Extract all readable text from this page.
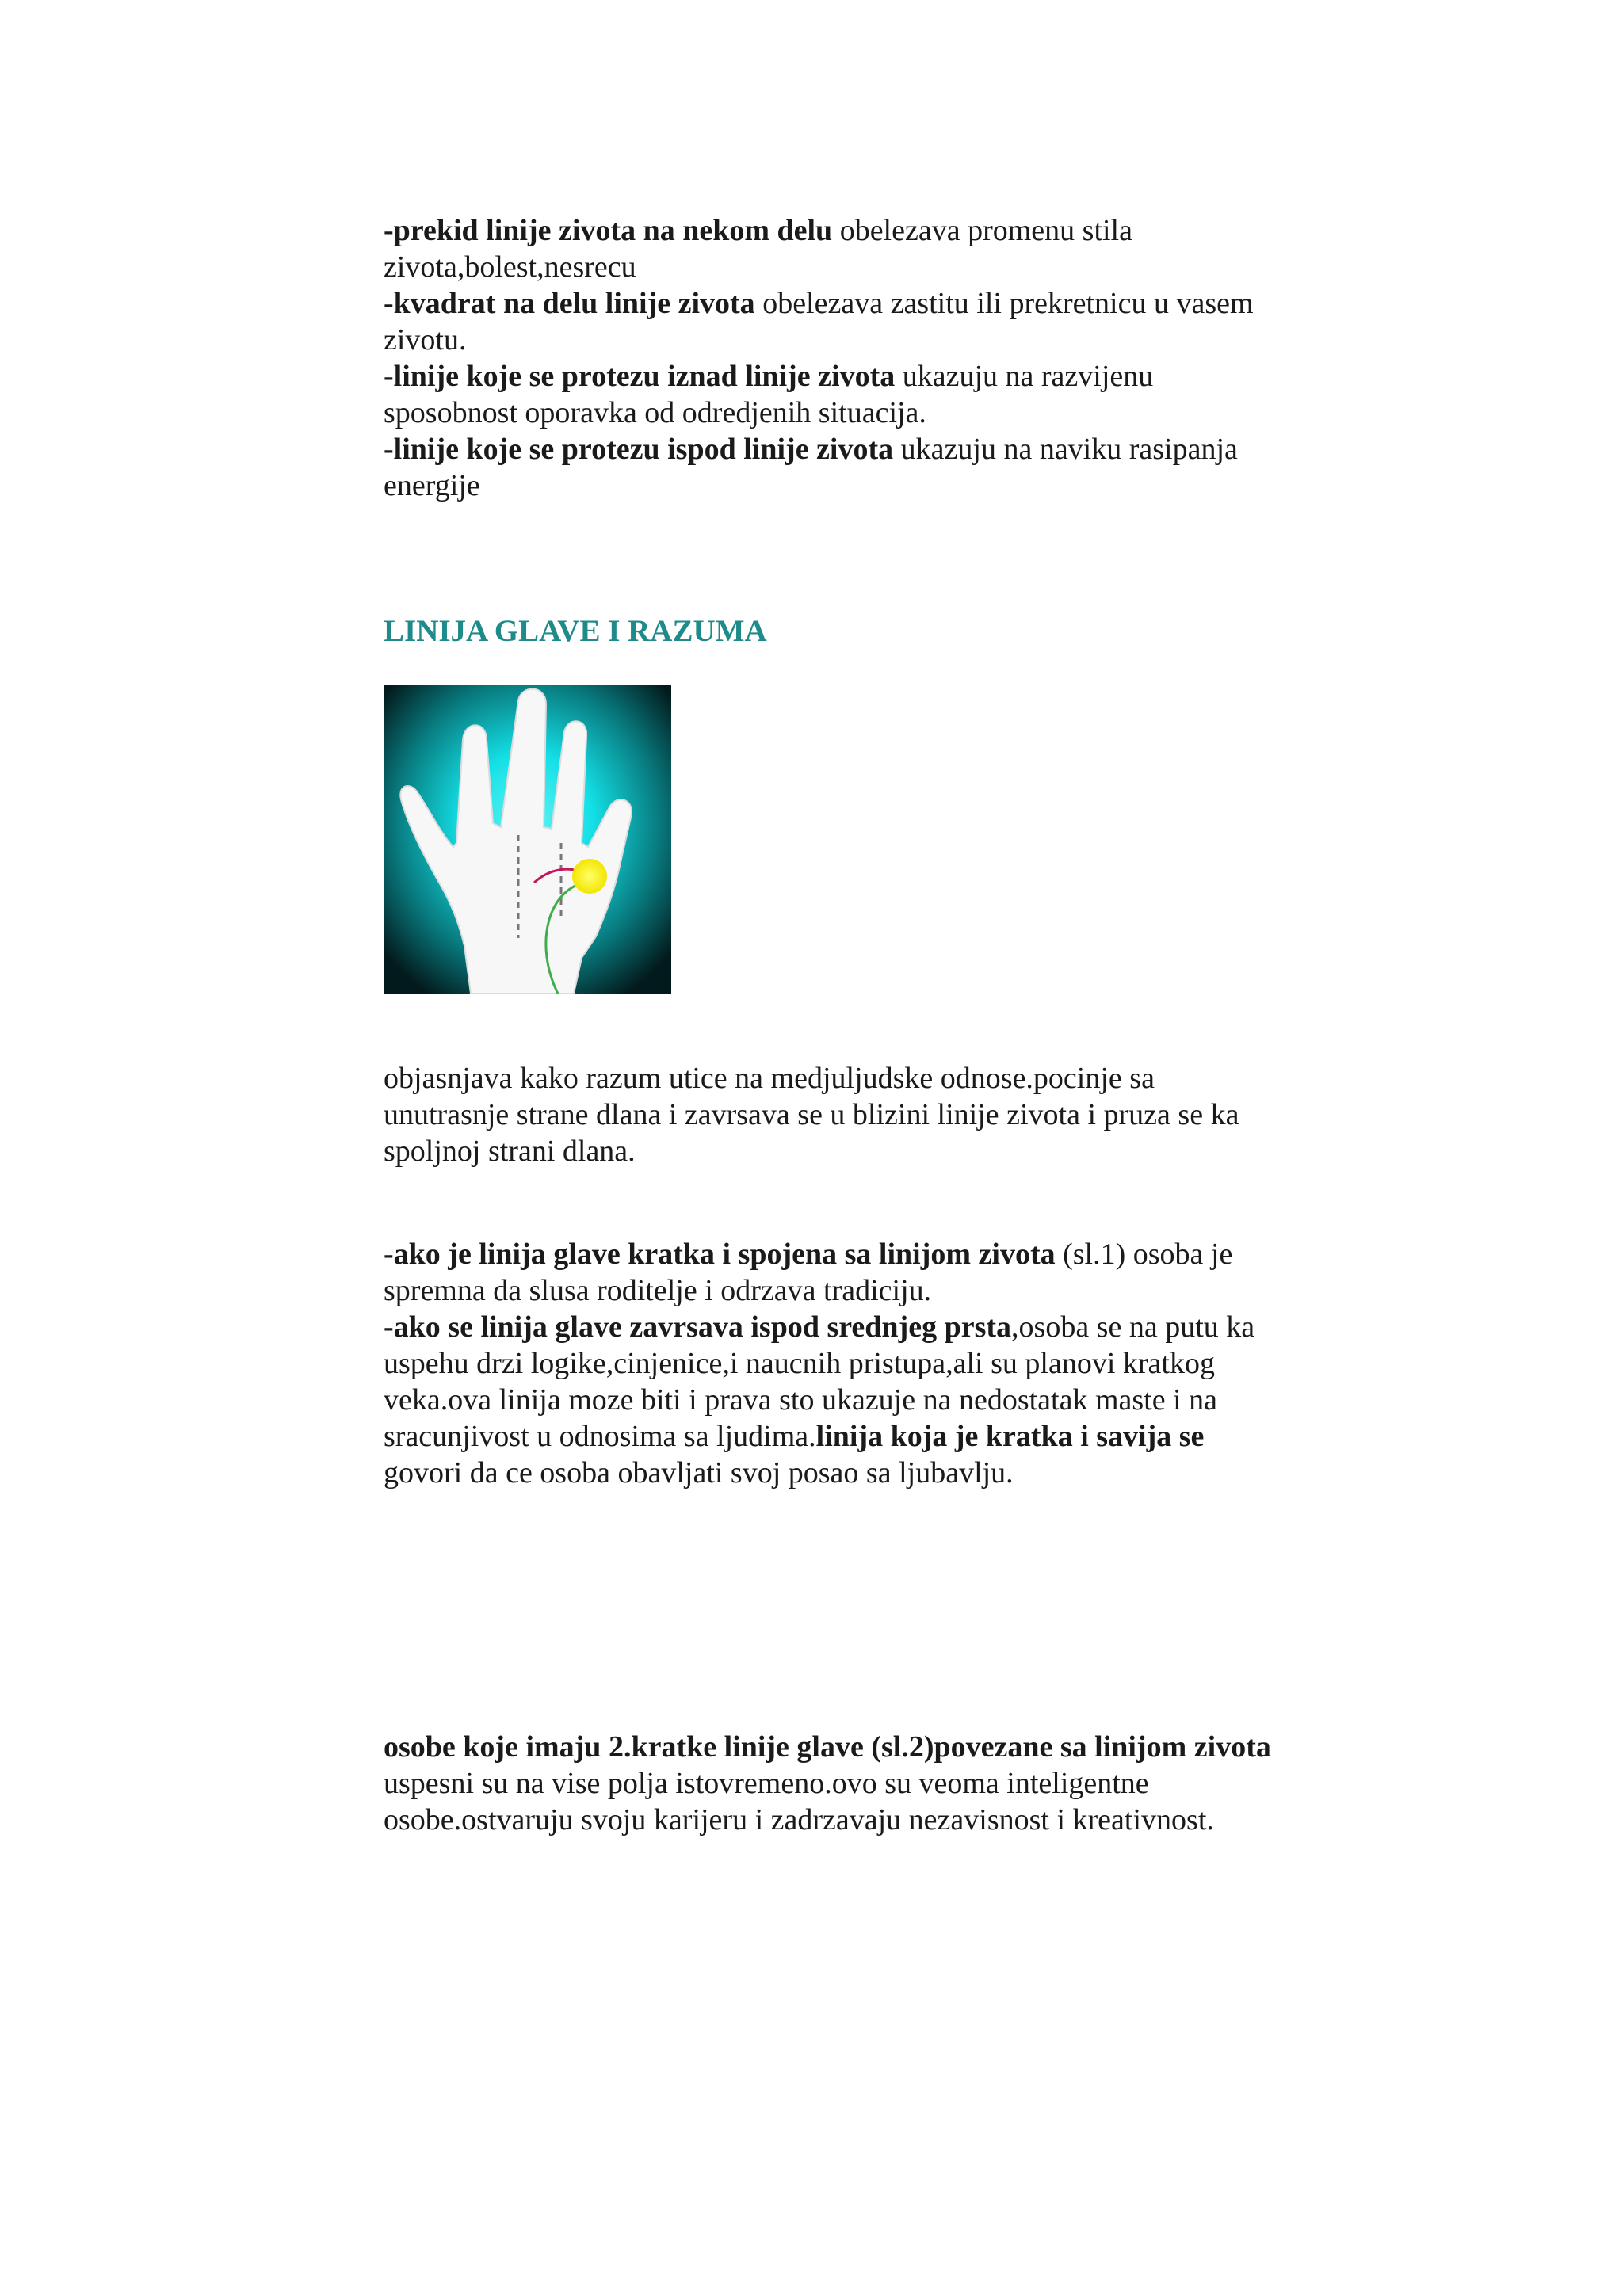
-prekid linije zivota na nekom delu obelezava promenu stila
zivota,bolest,nesrecu
-kvadrat na delu linije zivota obelezava zastitu ili prekretnicu u vasem
zivotu.
-linije koje se protezu iznad linije zivota ukazuju na razvijenu
sposobnost oporavka od odredjenih situacija.
-linije koje se protezu ispod linije zivota ukazuju na naviku rasipanja
energije
LINIJA GLAVE I RAZUMA
objasnjava kako razum utice na medjuljudske odnose.pocinje sa
unutrasnje strane dlana i zavrsava se u blizini linije zivota i pruza se ka
spoljnoj strani dlana.
-ako je linija glave kratka i spojena sa linijom zivota (sl.1) osoba je
spremna da slusa roditelje i odrzava tradiciju.
-ako se linija glave zavrsava ispod srednjeg prsta,osoba se na putu ka
uspehu drzi logike,cinjenice,i naucnih pristupa,ali su planovi kratkog
veka.ova linija moze biti i prava sto ukazuje na nedostatak maste i na
sracunjivost u odnosima sa ljudima.linija koja je kratka i savija se
govori da ce osoba obavljati svoj posao sa ljubavlju.
osobe koje imaju 2.kratke linije glave (sl.2)povezane sa linijom zivota
uspesni su na vise polja istovremeno.ovo su veoma inteligentne
osobe.ostvaruju svoju karijeru i zadrzavaju nezavisnost i kreativnost.
